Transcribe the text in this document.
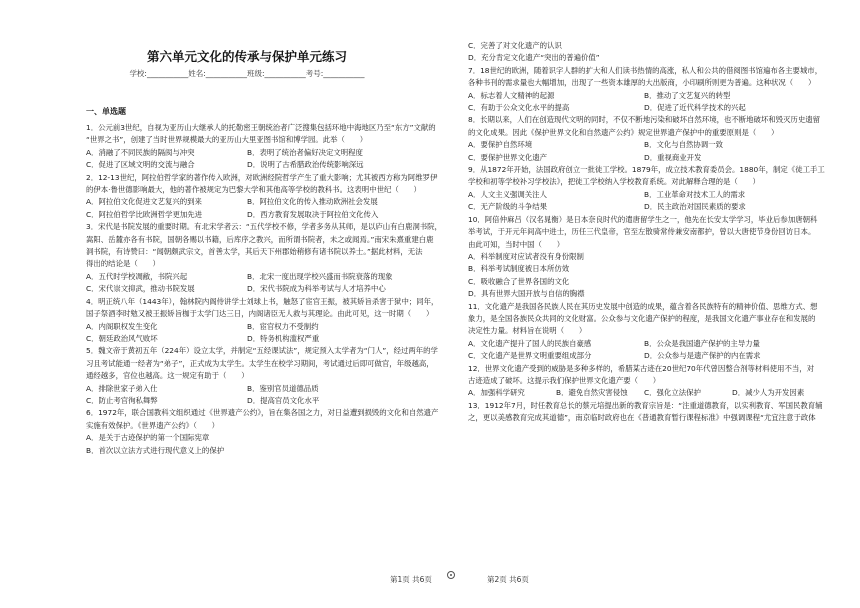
第六单元文化的传承与保护单元练习
学校:___________姓名:___________班级:___________考号:___________
一、单选题
1．公元前3世纪，自视为亚历山大继承人的托勒密王朝统治者广泛搜集包括环地中海地区乃至“东方”文献的
“世界之书”，创建了当时世界规模最大的亚历山大里亚图书馆和博学园。此举（　　）
A．消融了不同民族的隔阂与冲突	B．表明了统治者偏好决定文明程度
C．促进了区域文明的交流与融合	D．说明了古希腊政治传统影响深远
2．12-13世纪，阿拉伯哲学家的著作传入欧洲，对欧洲经院哲学产生了重大影响；尤其被西方称为阿维罗伊
的伊本·鲁世德影响最大，他的著作被规定为巴黎大学和其他高等学校的教科书。这表明中世纪（　　）
A．阿拉伯文化促进文艺复兴的到来	B．阿拉伯文化的传入推动欧洲社会发展
C．阿拉伯哲学比欧洲哲学更加先进	D．西方教育发展取决于阿拉伯文化传入
3．宋代是书院发展的重要时期。有北宋学者云：“五代学校不修，学者多务从其师，是以庐山有白鹿洞书院，
嵩阳、岳麓亦各有书院，国朝各赐以书籍，后库序之教兴，而所谓书院者，未之或闻焉。”南宋朱熹重建白鹿
洞书院，有诗赞曰：“闻朝颇武宗文，首善太学，其后天下州郡始稍修有诸书院以养士。”据此材料，无法
得出的结论是（　　）
A．五代时学校凋敝，书院兴起	B．北宋一度出现学校兴盛而书院衰落的现象
C．宋代崇文抑武，推动书院发展	D．宋代书院成为科举考试与人才培养中心
4．明正统八年（1443年），翰林院内阁侍讲学士刘球上书，触怒了宦官王振，被其矫旨杀害于狱中；同年，
国子祭酒李时勉又被王振矫旨枷于太学门达三日，内阁诸臣无人救与其理论。由此可见，这一时期（　　）
A．内阁职权发生变化	B．宦官权力不受制约
C．朝廷政治风气败坏	D．特务机构滥权严重
5．魏文帝于黄初五年（224年）设立太学，并制定“五经课试法”，规定预入太学者为“门人”，经过两年的学
习且考试能通一经者为“弟子”，正式成为太学生。太学生在校学习期间，考试通过后即可做官，年级越高，
通经越多，官位也越高。这一规定有助于（　　）
A．排除世家子弟入仕	B．鉴别官员道德品质
C．防止考官徇私舞弊	D．提高官员文化水平
6．1972年，联合国教科文组织通过《世界遗产公约》，旨在集各国之力，对日益遭到损毁的文化和自然遗产
实施有效保护。《世界遗产公约》（　　）
A．是关于古迹保护的第一个国际宪章
B．首次以立法方式进行现代意义上的保护
C．完善了对文化遗产的认识
D．充分肯定文化遗产“突出的普遍价值”
7．18世纪的欧洲，随着识字人群的扩大和人们读书热情的高涨，私人和公共的借阅图书馆遍布各主要城市，
各种书刊的需求量也大幅增加，出现了一些资本雄厚的大出版商，小印刷所则更为普遍。这种状况（　　）
A．标志着人文精神的起源	B．推动了文艺复兴的转型
C．有助于公众文化水平的提高	D．促进了近代科学技术的兴起
8．长期以来，人们在创造现代文明的同时，不仅不断地污染和破坏自然环境，也不断地破坏和毁灭历史遗留
的文化成果。因此《保护世界文化和自然遗产公约》规定世界遗产保护中的重要原则是（　　）
A．要保护自然环境	B．文化与自然协调一致
C．要保护世界文化遗产	D．重视商业开发
9．从1872年开始，法国政府创立一批徒工学校。1879年，成立技术教育委员会。1880年，制定《徒工手工
学校和初等学校补习学校法》，把徒工学校纳入学校教育系统。对此解释合理的是（　　）
A．人文主义强调关注人	B．工业革命对技术工人的需求
C．无产阶级的斗争结果	D．民主政治对国民素质的要求
10．阿倍仲麻吕（汉名晁衡）是日本奈良时代的遣唐留学生之一，他先在长安太学学习，毕业后参加唐朝科
举考试，于开元年间高中进士，历任三代皇帝，官至左散骑常侍兼安南都护，曾以大唐使节身份回访日本。
由此可知，当时中国（　　）
A．科举制度对应试者没有身份限制
B．科举考试制度被日本所仿效
C．吸收融合了世界各国的文化
D．具有世界大国开放与自信的胸襟
11．文化遗产是我国各民族人民在其历史发展中创造的成果，蕴含着各民族特有的精神价值、思维方式、想
象力，是全国各族民众共同的文化财富。公众参与文化遗产保护的程度，是我国文化遗产事业存在和发展的
决定性力量。材料旨在说明（　　）
A．文化遗产提升了国人的民族自豪感	B．公众是我国遗产保护的主导力量
C．文化遗产是世界文明重要组成部分	D．公众参与是遗产保护的内在需求
12．世界文化遗产受到的威胁是多种多样的，希腊某古迹在20世纪70年代曾因整合剂等材料使用不当，对
古迹造成了破坏。这提示我们保护世界文化遗产要（　　）
A．加强科学研究	B．避免自然灾害侵蚀	C．强化立法保护	D．减少人为开发因素
13．1912年7月，时任教育总长的蔡元培提出新的教育宗旨是：“注重道德教育，以实利教育、军国民教育辅
之，更以美感教育完成其道德”，南京临时政府也在《普通教育暂行课程标准》中强调课程“尤宜注意于政体
第1页 共6页	第2页 共6页
